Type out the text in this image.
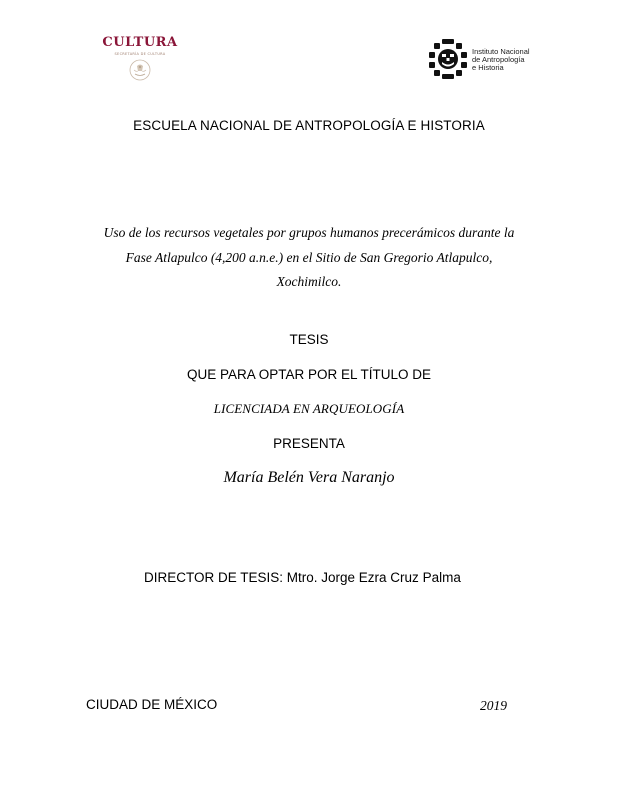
CULTURA
SECRETARÍA DE CULTURA	Instituto Nacional
de Antropología
e Historia
ESCUELA NACIONAL DE ANTROPOLOGÍA E HISTORIA
Uso de los recursos vegetales por grupos humanos precerámicos durante la
Fase Atlapulco (4,200 a.n.e.) en el Sitio de San Gregorio Atlapulco,
Xochimilco.
TESIS
QUE PARA OPTAR POR EL TÍTULO DE
LICENCIADA EN ARQUEOLOGÍA
PRESENTA
María Belén Vera Naranjo
DIRECTOR DE TESIS: Mtro. Jorge Ezra Cruz Palma
CIUDAD DE MÉXICO	2019
